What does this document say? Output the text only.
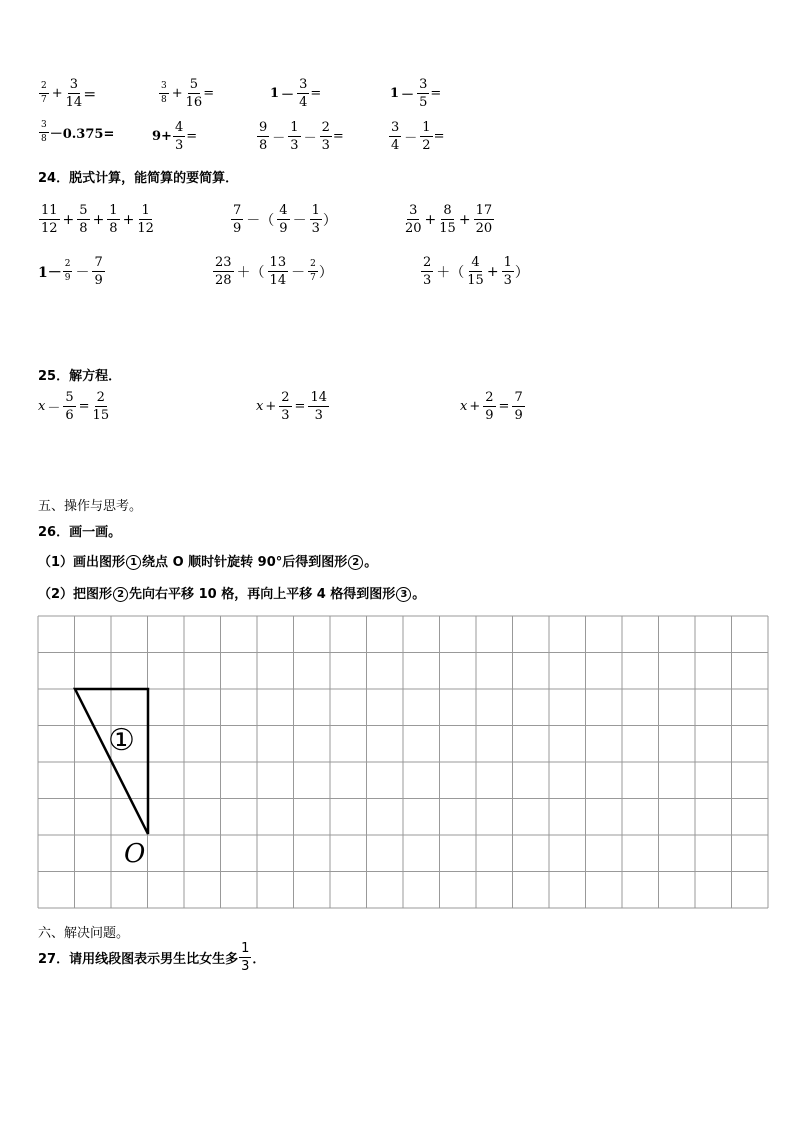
$\frac{2}{7} + \frac{3}{14}$ ＝	$\frac{3}{8} + \frac{5}{16}$ =	$1 - \frac{3}{4}$ =	$1 - \frac{3}{5}$ =
$\frac{3}{8} -0.375=$	$9+ \frac{4}{3}$ =	$\frac{9}{8} - \frac{1}{3} - \frac{2}{3}$ =	$\frac{3}{4} - \frac{1}{2}$ =
24．脱式计算，能简算的要简算．
$\frac{11}{12} + \frac{5}{8} + \frac{1}{8} + \frac{1}{12}$	$\frac{7}{9}$ －（ $\frac{4}{9} - \frac{1}{3}$ ）	$\frac{3}{20} + \frac{8}{15} + \frac{17}{20}$
$1- \frac{2}{9} - \frac{7}{9}$	$\frac{23}{28}$ ＋（ $\frac{13}{14} - \frac{2}{7}$ ）	$\frac{2}{3}$ ＋（ $\frac{4}{15} + \frac{1}{3}$ ）
25．解方程．
$x - \frac{5}{6} = \frac{2}{15}$	$x + \frac{2}{3} = \frac{14}{3}$	$x + \frac{2}{9} = \frac{7}{9}$
五、操作与思考。
26．画一画。
（1）画出图形 1 绕点 O 顺时针旋转 90°后得到图形 2 。
（2）把图形 2 先向右平移 10 格，再向上平移 4 格得到图形 3 。
①
O
六、解决问题。
27．请用线段图表示男生比女生多 $\frac{1}{3}$ ．
